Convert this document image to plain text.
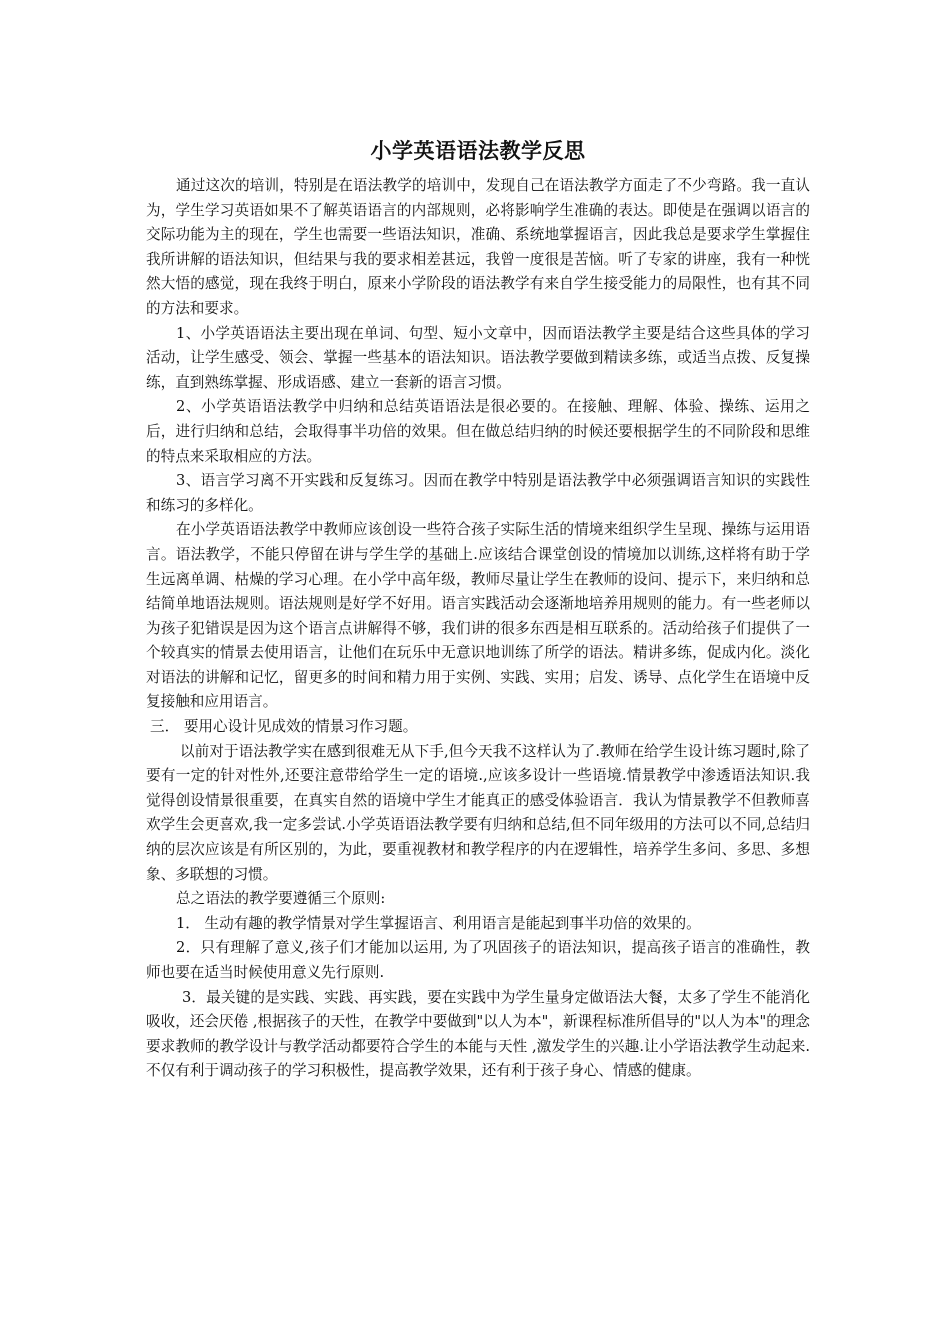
小学英语语法教学反思

通过这次的培训，特别是在语法教学的培训中，发现自己在语法教学方面走了不少弯路。我一直认为，学生学习英语如果不了解英语语言的内部规则，必将影响学生准确的表达。即使是在强调以语言的交际功能为主的现在，学生也需要一些语法知识，准确、系统地掌握语言，因此我总是要求学生掌握住我所讲解的语法知识，但结果与我的要求相差甚远，我曾一度很是苦恼。听了专家的讲座，我有一种恍然大悟的感觉，现在我终于明白，原来小学阶段的语法教学有来自学生接受能力的局限性，也有其不同的方法和要求。

1、小学英语语法主要出现在单词、句型、短小文章中，因而语法教学主要是结合这些具体的学习活动，让学生感受、领会、掌握一些基本的语法知识。语法教学要做到精读多练，或适当点拨、反复操练，直到熟练掌握、形成语感、建立一套新的语言习惯。

2、小学英语语法教学中归纳和总结英语语法是很必要的。在接触、理解、体验、操练、运用之后，进行归纳和总结，会取得事半功倍的效果。但在做总结归纳的时候还要根据学生的不同阶段和思维的特点来采取相应的方法。

3、语言学习离不开实践和反复练习。因而在教学中特别是语法教学中必须强调语言知识的实践性和练习的多样化。

在小学英语语法教学中教师应该创设一些符合孩子实际生活的情境来组织学生呈现、操练与运用语言。语法教学，不能只停留在讲与学生学的基础上.应该结合课堂创设的情境加以训练,这样将有助于学生远离单调、枯燥的学习心理。在小学中高年级，教师尽量让学生在教师的设问、提示下，来归纳和总结简单地语法规则。语法规则是好学不好用。语言实践活动会逐渐地培养用规则的能力。有一些老师以为孩子犯错误是因为这个语言点讲解得不够，我们讲的很多东西是相互联系的。活动给孩子们提供了一个较真实的情景去使用语言，让他们在玩乐中无意识地训练了所学的语法。精讲多练，促成内化。淡化对语法的讲解和记忆，留更多的时间和精力用于实例、实践、实用；启发、诱导、点化学生在语境中反复接触和应用语言。

三． 要用心设计见成效的情景习作习题。

以前对于语法教学实在感到很难无从下手,但今天我不这样认为了.教师在给学生设计练习题时,除了要有一定的针对性外,还要注意带给学生一定的语境.,应该多设计一些语境.情景教学中渗透语法知识.我觉得创设情景很重要，在真实自然的语境中学生才能真正的感受体验语言．我认为情景教学不但教师喜欢学生会更喜欢,我一定多尝试.小学英语语法教学要有归纳和总结,但不同年级用的方法可以不同,总结归纳的层次应该是有所区别的，为此，要重视教材和教学程序的内在逻辑性，培养学生多问、多思、多想象、多联想的习惯。

总之语法的教学要遵循三个原则:

1． 生动有趣的教学情景对学生掌握语言、利用语言是能起到事半功倍的效果的。

2．只有理解了意义,孩子们才能加以运用, 为了巩固孩子的语法知识，提高孩子语言的准确性，教师也要在适当时候使用意义先行原则.

3．最关键的是实践、实践、再实践，要在实践中为学生量身定做语法大餐，太多了学生不能消化吸收，还会厌倦 ,根据孩子的天性，在教学中要做到"以人为本"，新课程标准所倡导的"以人为本"的理念要求教师的教学设计与教学活动都要符合学生的本能与天性 ,激发学生的兴趣.让小学语法教学生动起来. 不仅有利于调动孩子的学习积极性，提高教学效果，还有利于孩子身心、情感的健康。
